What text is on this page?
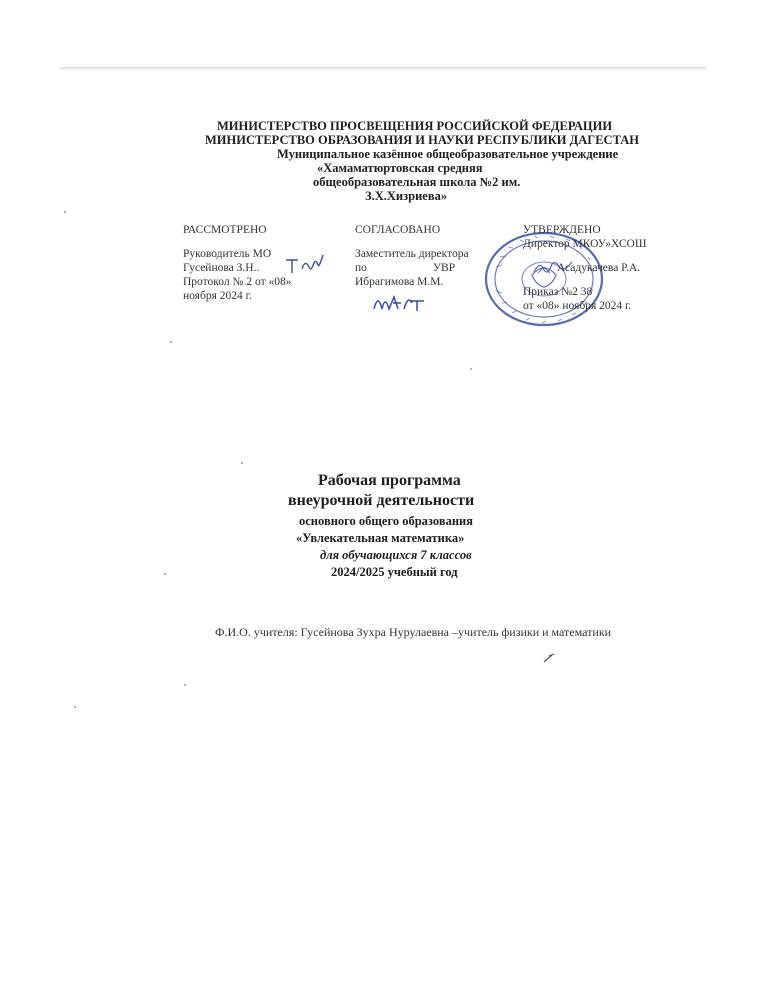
МИНИСТЕРСТВО ПРОСВЕЩЕНИЯ РОССИЙСКОЙ ФЕДЕРАЦИИ
МИНИСТЕРСТВО ОБРАЗОВАНИЯ И НАУКИ РЕСПУБЛИКИ ДАГЕСТАН
Муниципальное казённое общеобразовательное учреждение
«Хамаматюртовская средняя
общеобразовательная школа №2 им.
З.Х.Хизриева»
РАССМОТРЕНО
Руководитель МО
Гусейнова З.Н..
Протокол № 2 от «08»
ноября 2024 г.
СОГЛАСОВАНО
Заместитель директора
по	УВР
Ибрагимова М.М.
УТВЕРЖДЕНО
Директор МКОУ»ХСОШ
Асадукачева Р.А.
Приказ №2 38
от «08» ноября 2024 г.
Рабочая программа
внеурочной деятельности
основного общего образования
«Увлекательная математика»
для обучающихся 7 классов
2024/2025 учебный год
Ф.И.О. учителя: Гусейнова Зухра Нурулаевна –учитель физики и математики
